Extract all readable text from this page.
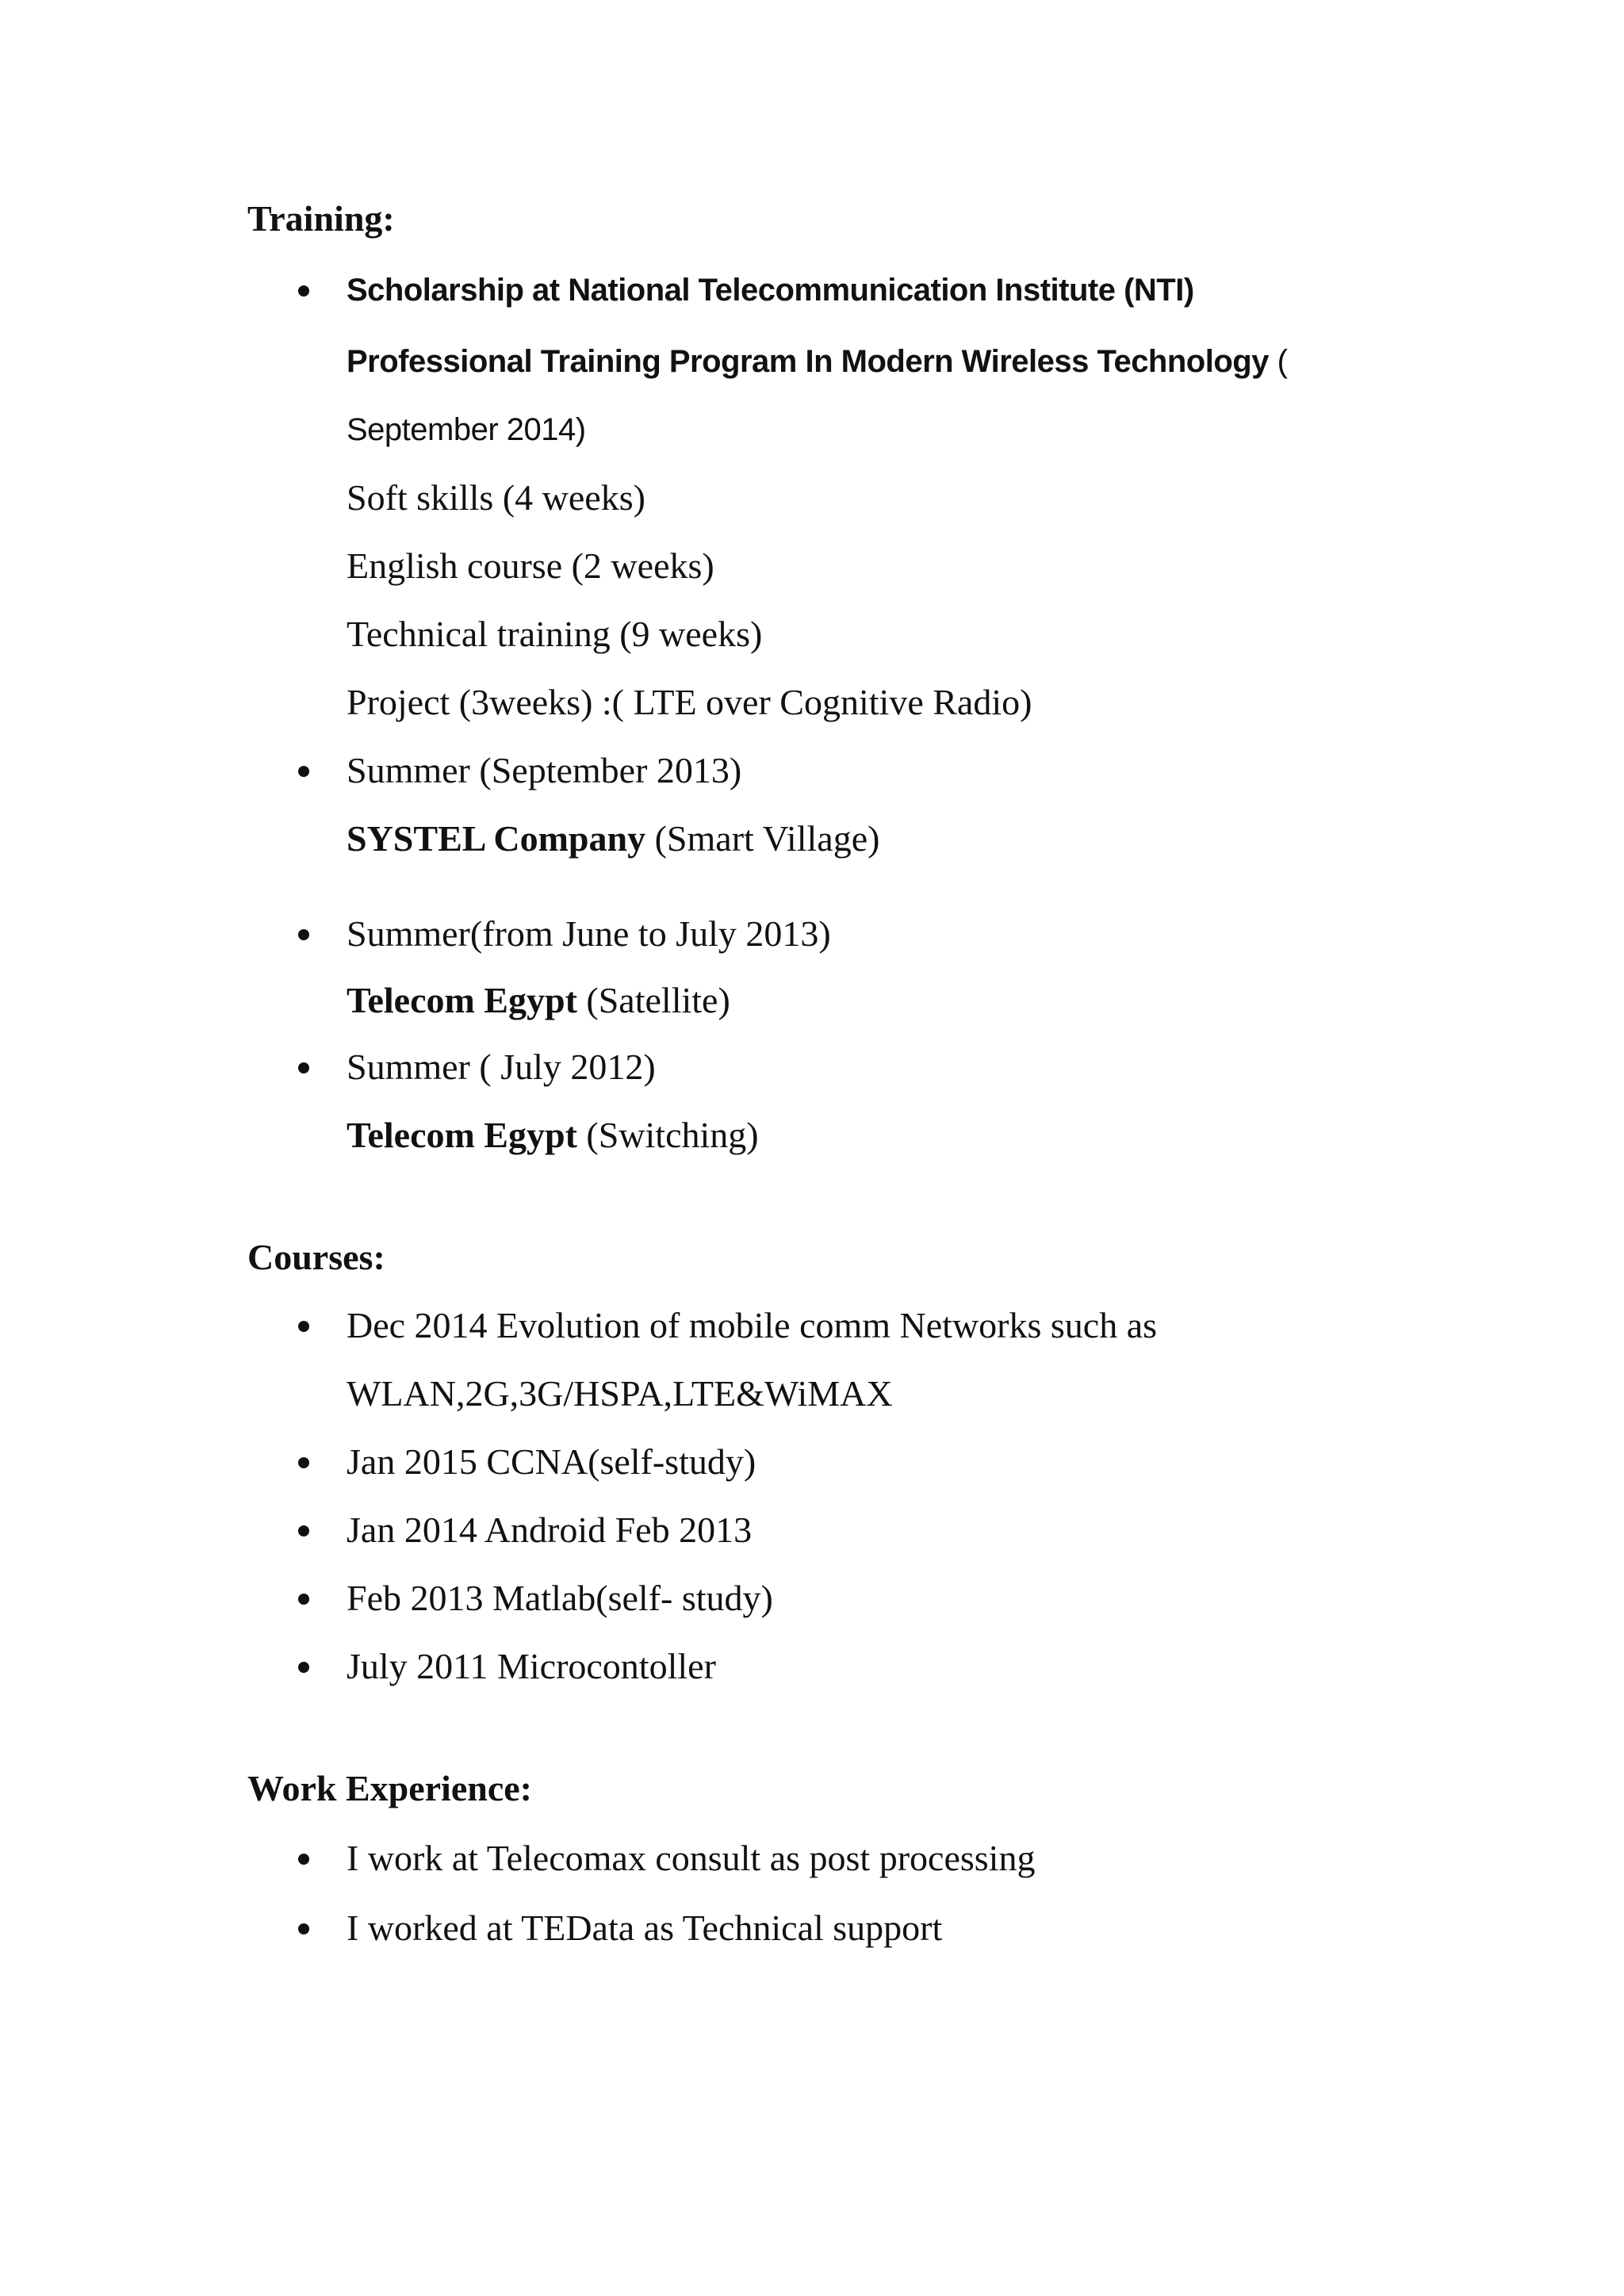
Training:
Scholarship at National Telecommunication Institute (NTI)
Professional Training Program In Modern Wireless Technology (
September 2014)
Soft skills (4 weeks)
English course (2 weeks)
Technical training (9 weeks)
Project (3weeks) :( LTE over Cognitive Radio)
Summer (September 2013)
SYSTEL Company (Smart Village)
Summer(from June to July 2013)
Telecom Egypt (Satellite)
Summer ( July 2012)
Telecom Egypt (Switching)
Courses:
Dec 2014 Evolution of mobile comm Networks such as
WLAN,2G,3G/HSPA,LTE&WiMAX
Jan 2015 CCNA(self-study)
Jan 2014 Android Feb 2013
Feb 2013 Matlab(self- study)
July 2011 Microcontoller
Work Experience:
I work at Telecomax consult as post processing
I worked at TEData as Technical support
